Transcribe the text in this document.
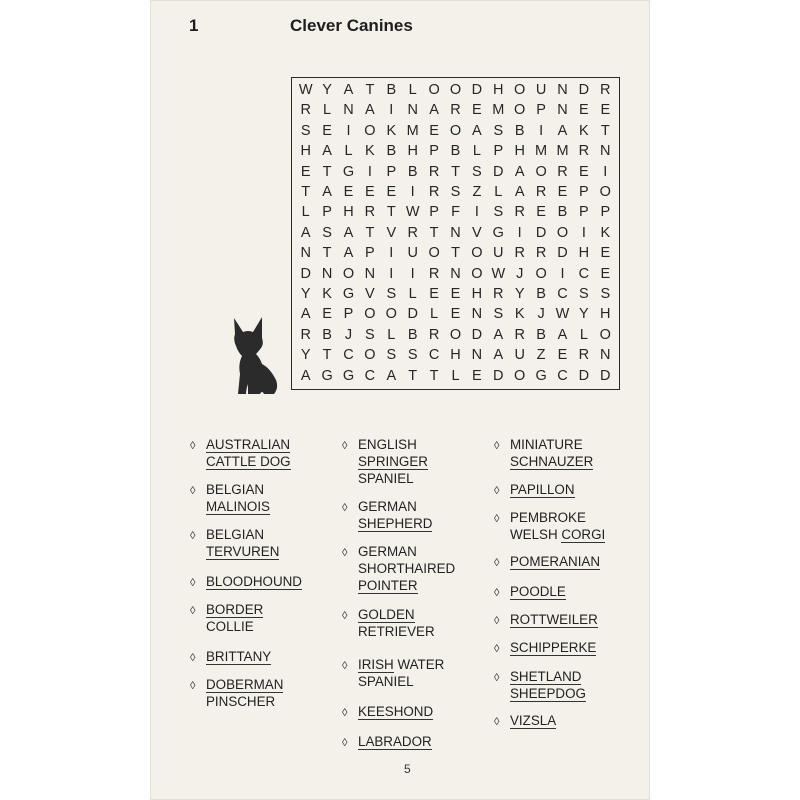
1	Clever Canines
W Y A T B L O O D H O U N D R
R L N A	I N A R E M O P N E E
S E	I O K M E O A S B	I	A K T
H A L K B H P B L P H M M R N
E T G I	P B R T S D A O R E	I
T A E E E	I R S Z L A R E P O
L P H R T W P F	I	S R E B P P
A S A T V R T N V G I D O I	K
N T A P	I U O T O U R R D H E
D N O N I	I R N O W J O I C E
Y K G V S L E E H R Y B C S S
A E P O O D L E N S K J W Y H
R B J S L B R O D A R B A L O
Y T C O S S C H N A U Z E R N
A G G C A T T L E D O G C D D
◊ AUSTRALIAN
CATTLE DOG
◊ BELGIAN
MALINOIS
◊ BELGIAN
TERVUREN
◊ BLOODHOUND
◊ BORDER
COLLIE
◊ BRITTANY
◊ DOBERMAN
PINSCHER
◊ ENGLISH
SPRINGER
SPANIEL
◊ GERMAN
SHEPHERD
◊ GERMAN
SHORTHAIRED
POINTER
◊ GOLDEN
RETRIEVER
◊ IRISH WATER
SPANIEL
◊ KEESHOND
◊ LABRADOR
◊ MINIATURE
SCHNAUZER
◊ PAPILLON
◊ PEMBROKE
WELSH CORGI
◊ POMERANIAN
◊ POODLE
◊ ROTTWEILER
◊ SCHIPPERKE
◊ SHETLAND
SHEEPDOG
◊ VIZSLA
5
